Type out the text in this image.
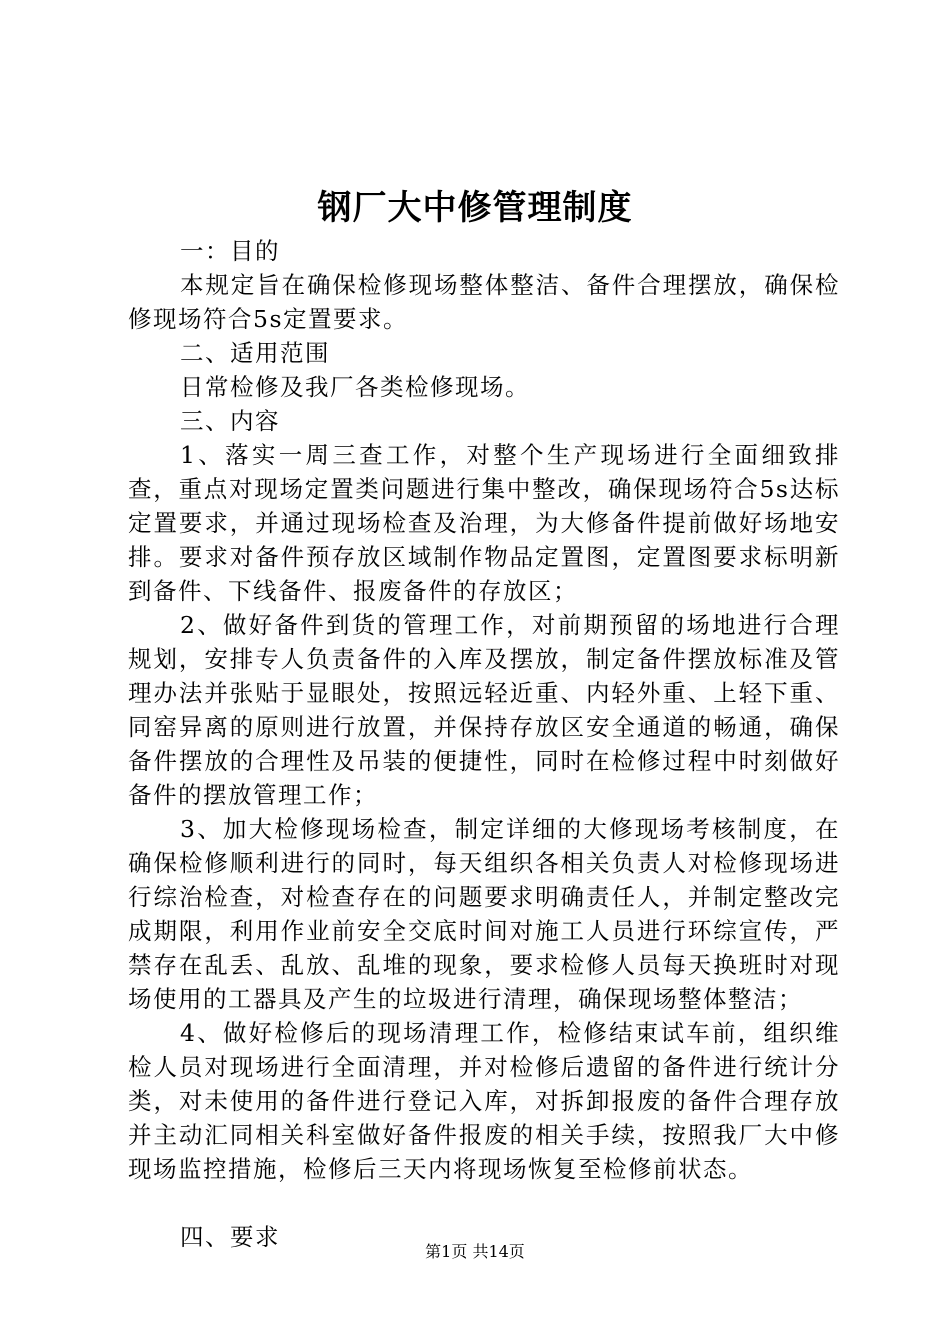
钢厂大中修管理制度

一：目的

本规定旨在确保检修现场整体整洁、备件合理摆放，确保检修现场符合5s定置要求。

二、适用范围

日常检修及我厂各类检修现场。

三、内容

1、落实一周三查工作，对整个生产现场进行全面细致排查，重点对现场定置类问题进行集中整改，确保现场符合5s达标定置要求，并通过现场检查及治理，为大修备件提前做好场地安排。要求对备件预存放区域制作物品定置图，定置图要求标明新到备件、下线备件、报废备件的存放区；

2、做好备件到货的管理工作，对前期预留的场地进行合理规划，安排专人负责备件的入库及摆放，制定备件摆放标准及管理办法并张贴于显眼处，按照远轻近重、内轻外重、上轻下重、同窑异离的原则进行放置，并保持存放区安全通道的畅通，确保备件摆放的合理性及吊装的便捷性，同时在检修过程中时刻做好备件的摆放管理工作；

3、加大检修现场检查，制定详细的大修现场考核制度，在确保检修顺利进行的同时，每天组织各相关负责人对检修现场进行综治检查，对检查存在的问题要求明确责任人，并制定整改完成期限，利用作业前安全交底时间对施工人员进行环综宣传，严禁存在乱丢、乱放、乱堆的现象，要求检修人员每天换班时对现场使用的工器具及产生的垃圾进行清理，确保现场整体整洁；

4、做好检修后的现场清理工作，检修结束试车前，组织维检人员对现场进行全面清理，并对检修后遗留的备件进行统计分类，对未使用的备件进行登记入库，对拆卸报废的备件合理存放并主动汇同相关科室做好备件报废的相关手续，按照我厂大中修现场监控措施，检修后三天内将现场恢复至检修前状态。

四、要求

第1页 共14页
